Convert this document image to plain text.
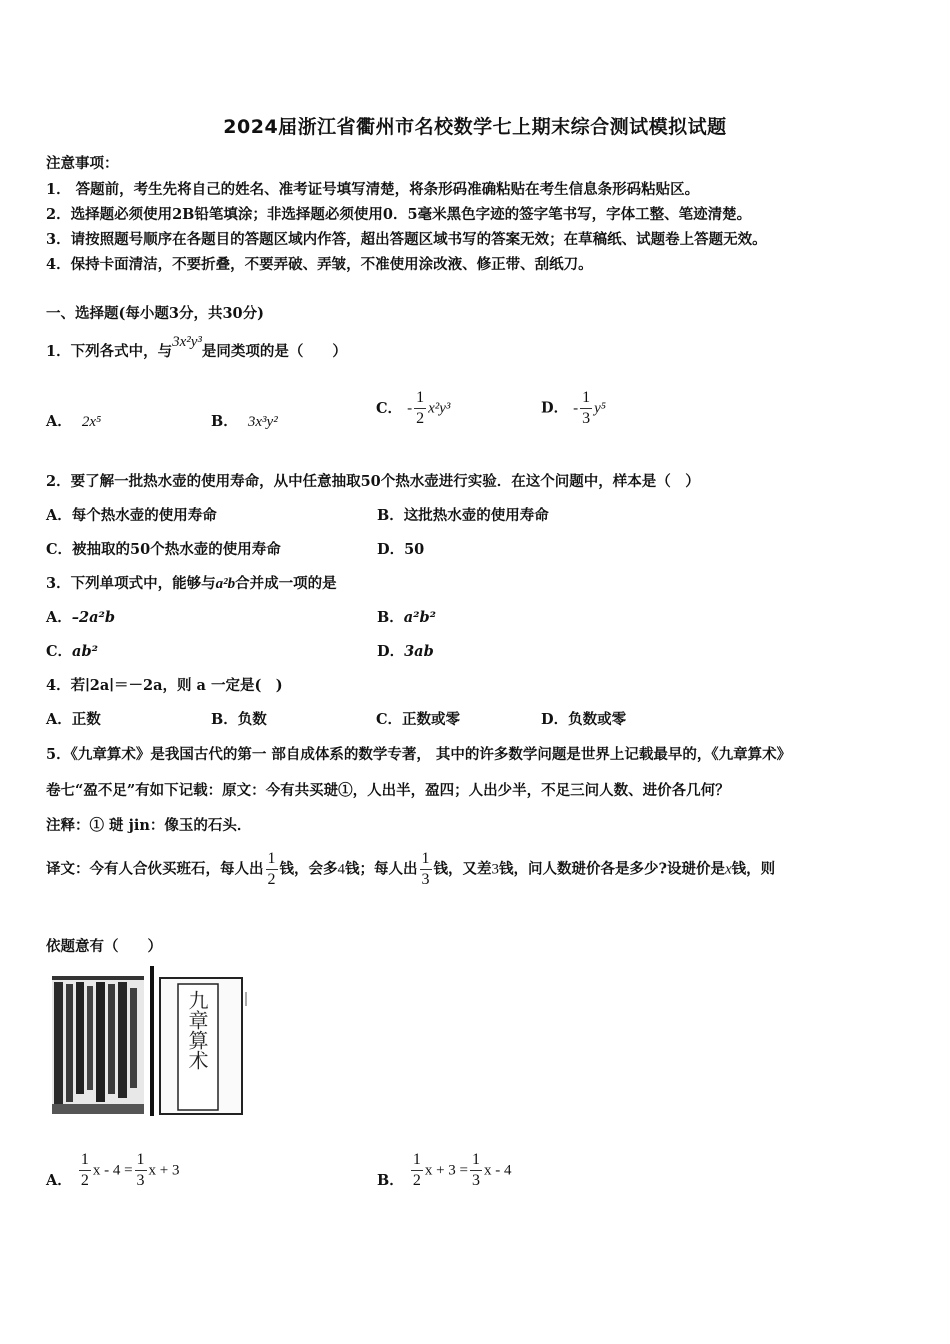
2024届浙江省衢州市名校数学七上期末综合测试模拟试题
注意事项：
1． 答题前，考生先将自己的姓名、准考证号填写清楚，将条形码准确粘贴在考生信息条形码粘贴区。
2．选择题必须使用2B铅笔填涂；非选择题必须使用0．5毫米黑色字迹的签字笔书写，字体工整、笔迹清楚。
3．请按照题号顺序在各题目的答题区域内作答，超出答题区域书写的答案无效；在草稿纸、试题卷上答题无效。
4．保持卡面清洁，不要折叠，不要弄破、弄皱，不准使用涂改液、修正带、刮纸刀。
一、选择题(每小题3分，共30分)
1．下列各式中，与3x²y³是同类项的是（　　）
A． 2x⁵	B． 3x³y²
C． - $\frac{1}{2} x^2y^3$	D． - $\frac{1}{3} y^5$
2．要了解一批热水壶的使用寿命，从中任意抽取50个热水壶进行实验．在这个问题中，样本是（　）
A．每个热水壶的使用寿命	B．这批热水壶的使用寿命
C．被抽取的50个热水壶的使用寿命	D．50
3．下列单项式中，能够与a²b合并成一项的是
A．–2a²b	B．a²b²
C．ab²	D．3ab
4．若∣2a∣＝－2a，则 a 一定是(　)
A．正数	B．负数	C．正数或零	D．负数或零
5．《九章算术》是我国古代的第一 部自成体系的数学专著， 其中的许多数学问题是世界上记载最早的，《九章算术》
卷七“盈不足”有如下记载：原文：今有共买琎①，人出半，盈四；人出少半，不足三问人数、进价各几何？
注释：① 琎 jin：像玉的石头．
译文：今有人合伙买班石，每人出 $\frac{1}{2}$ 钱，会多4钱；每人出 $\frac{1}{3}$ 钱，又差3钱，问人数琎价各是多少?设琎价是x钱，则
依题意有（　　）
九章算术
A． $\frac{1}{2}$ $x - 4 = \frac{1}{3}$ x + 3
B． $\frac{1}{2}$ $x + 3 = \frac{1}{3}$ x - 4
